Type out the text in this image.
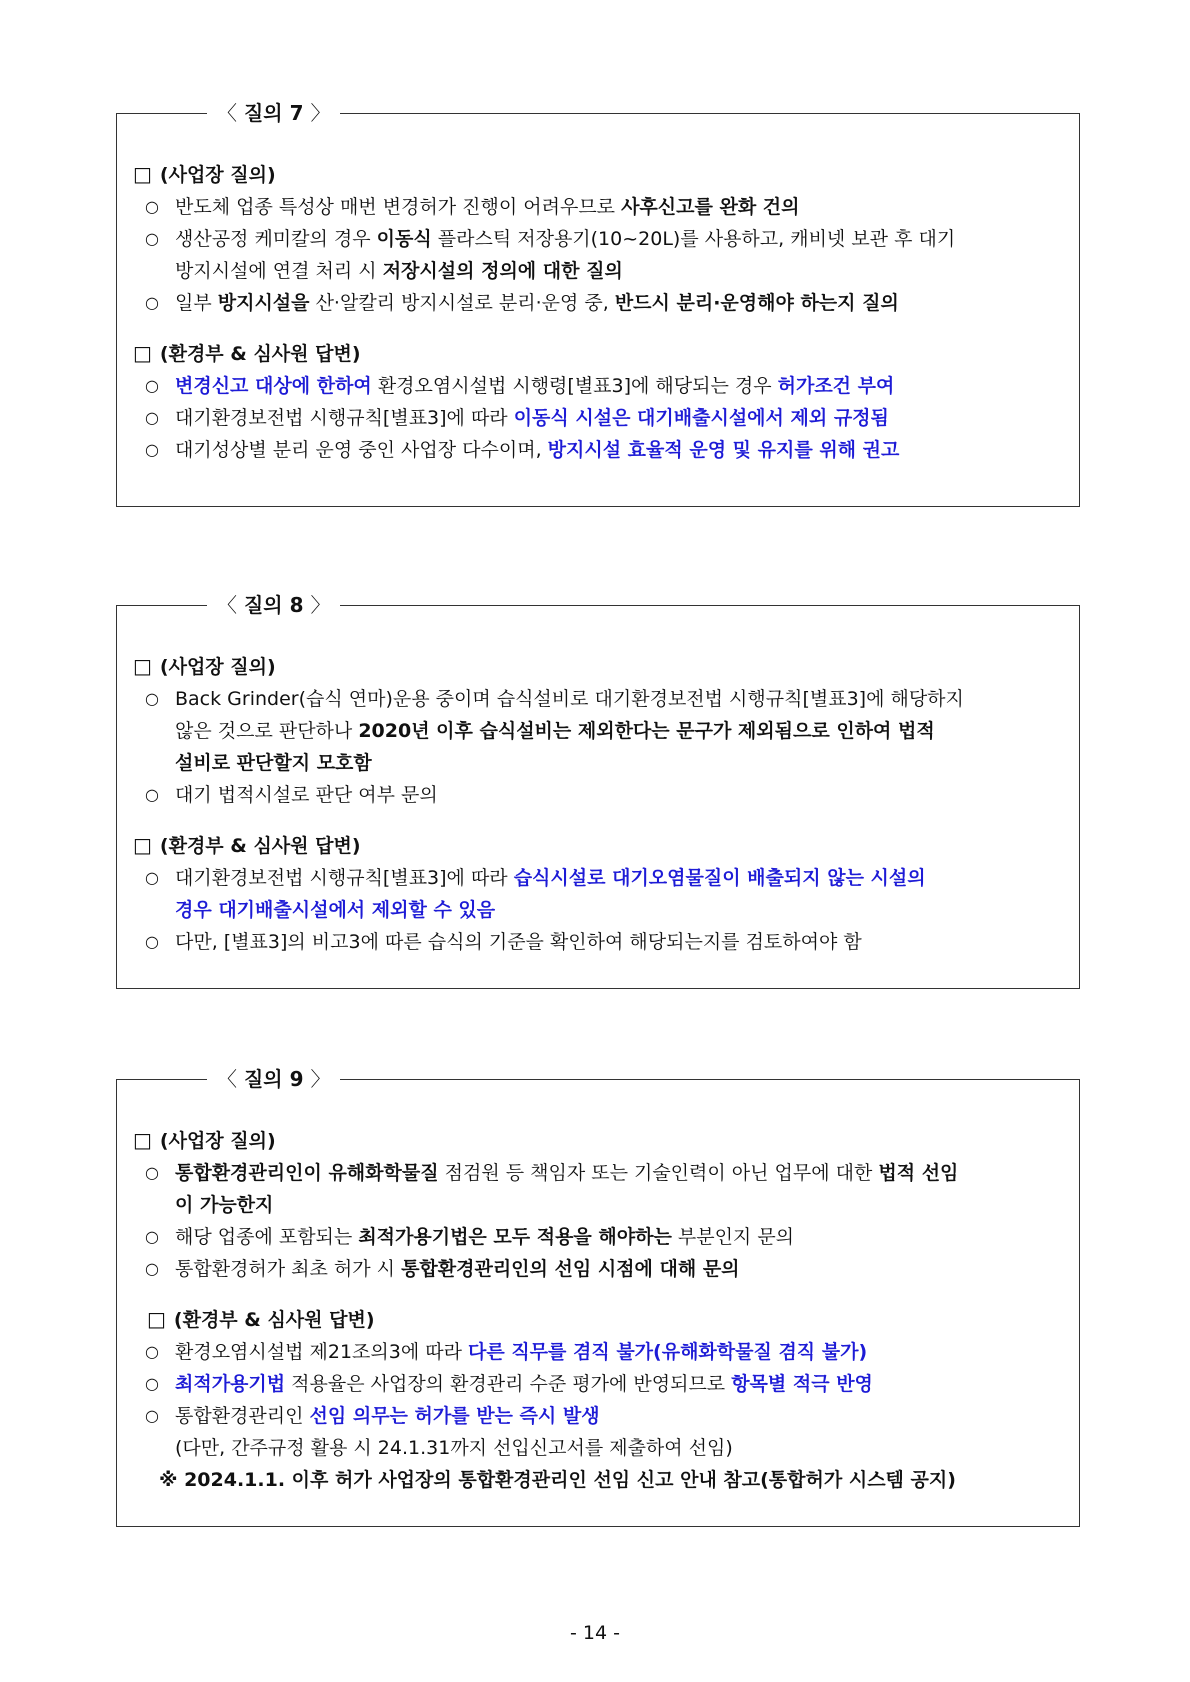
〈 질의 7 〉
□ (사업장 질의)
○ 반도체 업종 특성상 매번 변경허가 진행이 어려우므로 사후신고를 완화 건의
○ 생산공정 케미칼의 경우 이동식 플라스틱 저장용기(10~20L)를 사용하고, 캐비넷 보관 후 대기
방지시설에 연결 처리 시 저장시설의 정의에 대한 질의
○ 일부 방지시설을 산·알칼리 방지시설로 분리·운영 중, 반드시 분리·운영해야 하는지 질의
□ (환경부 & 심사원 답변)
○ 변경신고 대상에 한하여 환경오염시설법 시행령[별표3]에 해당되는 경우 허가조건 부여
○ 대기환경보전법 시행규칙[별표3]에 따라 이동식 시설은 대기배출시설에서 제외 규정됨
○ 대기성상별 분리 운영 중인 사업장 다수이며, 방지시설 효율적 운영 및 유지를 위해 권고
〈 질의 8 〉
□ (사업장 질의)
○ Back Grinder(습식 연마)운용 중이며 습식설비로 대기환경보전법 시행규칙[별표3]에 해당하지
않은 것으로 판단하나 2020년 이후 습식설비는 제외한다는 문구가 제외됨으로 인하여 법적
설비로 판단할지 모호함
○ 대기 법적시설로 판단 여부 문의
□ (환경부 & 심사원 답변)
○ 대기환경보전법 시행규칙[별표3]에 따라 습식시설로 대기오염물질이 배출되지 않는 시설의
경우 대기배출시설에서 제외할 수 있음
○ 다만, [별표3]의 비고3에 따른 습식의 기준을 확인하여 해당되는지를 검토하여야 함
〈 질의 9 〉
□ (사업장 질의)
○ 통합환경관리인이 유해화학물질 점검원 등 책임자 또는 기술인력이 아닌 업무에 대한 법적 선임
이 가능한지
○ 해당 업종에 포함되는 최적가용기법은 모두 적용을 해야하는 부분인지 문의
○ 통합환경허가 최초 허가 시 통합환경관리인의 선임 시점에 대해 문의
□ (환경부 & 심사원 답변)
○ 환경오염시설법 제21조의3에 따라 다른 직무를 겸직 불가(유해화학물질 겸직 불가)
○ 최적가용기법 적용율은 사업장의 환경관리 수준 평가에 반영되므로 항목별 적극 반영
○ 통합환경관리인 선임 의무는 허가를 받는 즉시 발생
(다만, 간주규정 활용 시 24.1.31까지 선입신고서를 제출하여 선임)
※ 2024.1.1. 이후 허가 사업장의 통합환경관리인 선임 신고 안내 참고(통합허가 시스템 공지)
- 14 -
